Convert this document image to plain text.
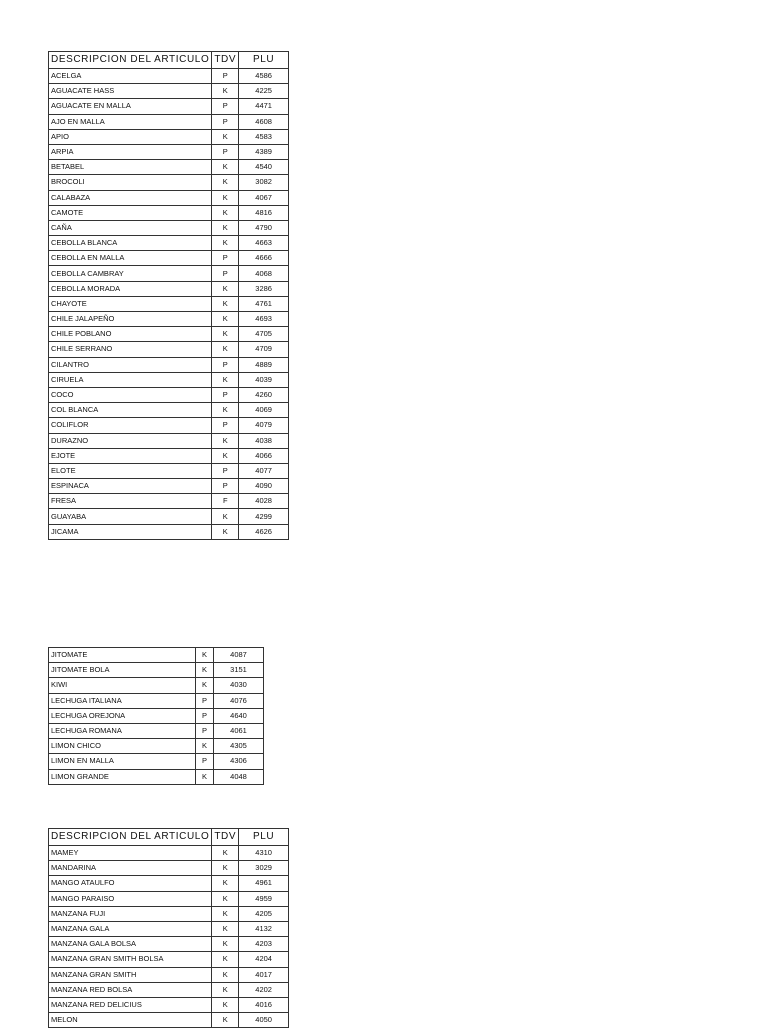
DESCRIPCION DEL ARTICULO	TDV	PLU
ACELGA	P	4586
AGUACATE HASS	K	4225
AGUACATE EN MALLA	P	4471
AJO EN MALLA	P	4608
APIO	K	4583
ARPIA	P	4389
BETABEL	K	4540
BROCOLI	K	3082
CALABAZA	K	4067
CAMOTE	K	4816
CAÑA	K	4790
CEBOLLA BLANCA	K	4663
CEBOLLA EN MALLA	P	4666
CEBOLLA CAMBRAY	P	4068
CEBOLLA MORADA	K	3286
CHAYOTE	K	4761
CHILE JALAPEÑO	K	4693
CHILE POBLANO	K	4705
CHILE SERRANO	K	4709
CILANTRO	P	4889
CIRUELA	K	4039
COCO	P	4260
COL BLANCA	K	4069
COLIFLOR	P	4079
DURAZNO	K	4038
EJOTE	K	4066
ELOTE	P	4077
ESPINACA	P	4090
FRESA	F	4028
GUAYABA	K	4299
JICAMA	K	4626
JITOMATE	K	4087
JITOMATE BOLA	K	3151
KIWI	K	4030
LECHUGA ITALIANA	P	4076
LECHUGA OREJONA	P	4640
LECHUGA ROMANA	P	4061
LIMON CHICO	K	4305
LIMON EN MALLA	P	4306
LIMON GRANDE	K	4048
DESCRIPCION DEL ARTICULO	TDV	PLU
MAMEY	K	4310
MANDARINA	K	3029
MANGO ATAULFO	K	4961
MANGO PARAISO	K	4959
MANZANA FUJI	K	4205
MANZANA GALA	K	4132
MANZANA GALA BOLSA	K	4203
MANZANA GRAN SMITH BOLSA	K	4204
MANZANA GRAN SMITH	K	4017
MANZANA RED BOLSA	K	4202
MANZANA RED DELICIUS	K	4016
MELON	K	4050
